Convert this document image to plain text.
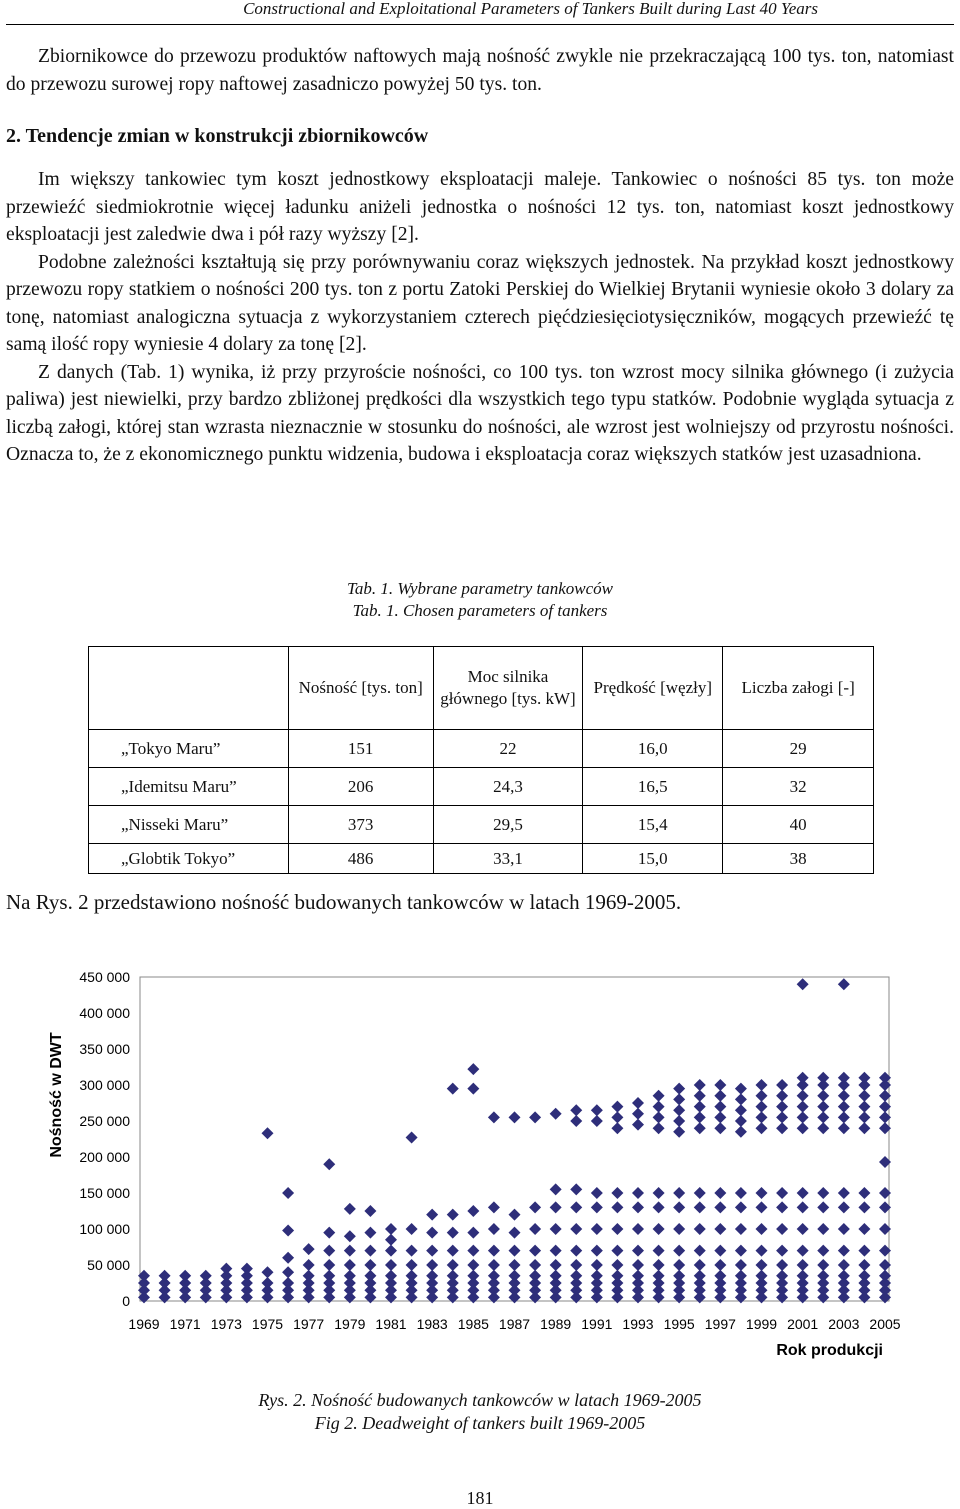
Constructional and Exploitational Parameters of Tankers Built during Last 40 Years

Zbiornikowce do przewozu produktów naftowych mają nośność zwykle nie przekraczającą 100 tys. ton, natomiast do przewozu surowej ropy naftowej zasadniczo powyżej 50 tys. ton.

2. Tendencje zmian w konstrukcji zbiornikowców

Im większy tankowiec tym koszt jednostkowy eksploatacji maleje. Tankowiec o nośności 85 tys. ton może przewieźć siedmiokrotnie więcej ładunku aniżeli jednostka o nośności 12 tys. ton, natomiast koszt jednostkowy eksploatacji jest zaledwie dwa i pół razy wyższy [2].

Podobne zależności kształtują się przy porównywaniu coraz większych jednostek. Na przykład koszt jednostkowy przewozu ropy statkiem o nośności 200 tys. ton z portu Zatoki Perskiej do Wielkiej Brytanii wyniesie około 3 dolary za tonę, natomiast analogiczna sytuacja z wykorzystaniem czterech pięćdziesięciotysięczników, mogących przewieźć tę samą ilość ropy wyniesie 4 dolary za tonę [2].

Z danych (Tab. 1) wynika, iż przy przyroście nośności, co 100 tys. ton wzrost mocy silnika głównego (i zużycia paliwa) jest niewielki, przy bardzo zbliżonej prędkości dla wszystkich tego typu statków. Podobnie wygląda sytuacja z liczbą załogi, której stan wzrasta nieznacznie w stosunku do nośności, ale wzrost jest wolniejszy od przyrostu nośności. Oznacza to, że z ekonomicznego punktu widzenia, budowa i eksploatacja coraz większych statków jest uzasadniona.

Tab. 1. Wybrane parametry tankowców
Tab. 1. Chosen parameters of tankers
	Nośność [tys. ton]	Moc silnika głównego [tys. kW]	Prędkość [węzły]	Liczba załogi [-]
„Tokyo Maru”	151	22	16,0	29
„Idemitsu Maru”	206	24,3	16,5	32
„Nisseki Maru”	373	29,5	15,4	40
„Globtik Tokyo”	486	33,1	15,0	38
Na Rys. 2 przedstawiono nośność budowanych tankowców w latach 1969-2005.
0
50 000
100 000
150 000
200 000
250 000
300 000
350 000
400 000
450 000
1969 1971 1973 1975 1977 1979 1981 1983 1985 1987 1989 1991 1993 1995 1997 1999 2001 2003 2005
Nośność w DWT
Rok produkcji
Rys. 2. Nośność budowanych tankowców w latach 1969-2005
Fig 2. Deadweight of tankers built 1969-2005
181
